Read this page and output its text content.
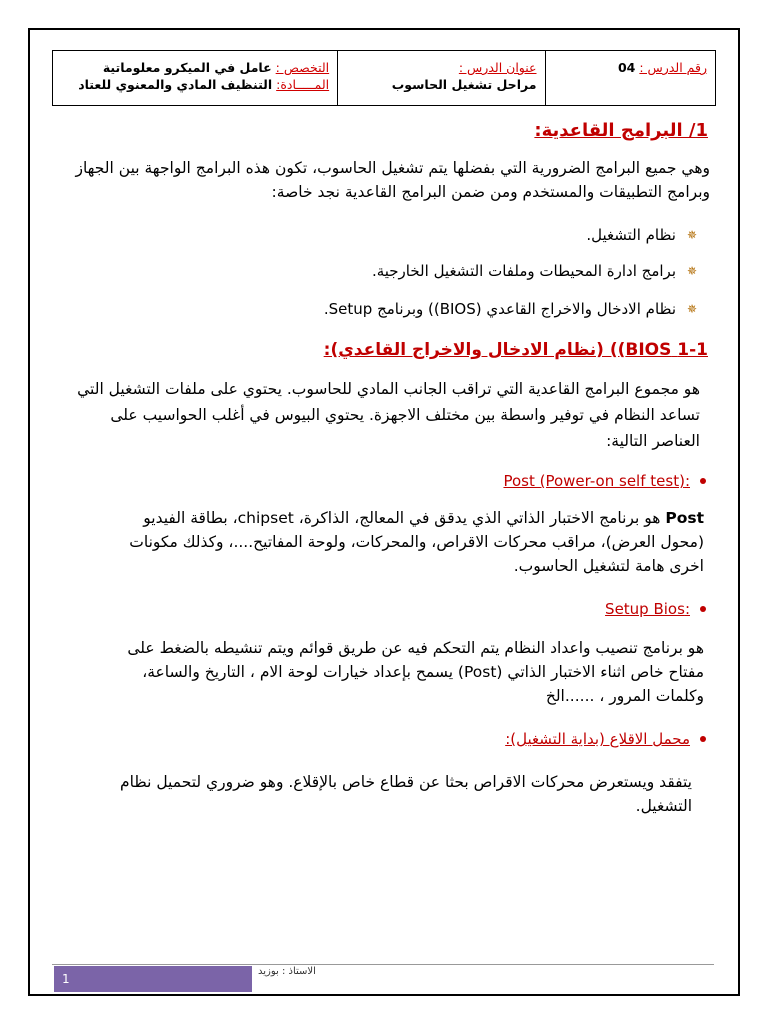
التخصص : عامل في الميكرو معلوماتية
المـــــادة: التنظيف المادي والمعنوي للعتاد
عنوان الدرس :
مراحل تشغيل الحاسوب
رقم الدرس : 04
1/ البرامج القاعدية:
وهي جميع البرامج الضرورية التي بفضلها يتم تشغيل الحاسوب، تكون هذه البرامج الواجهة بين الجهاز وبرامج التطبيقات والمستخدم ومن ضمن البرامج القاعدية نجد خاصة:
✵
نظام التشغيل.
✵
برامج ادارة المحيطات وملفات التشغيل الخارجية.
✵
نظام الادخال والاخراج القاعدي (BIOS)) وبرنامج Setup.
1-1 BIOS)) (نظام الادخال والاخراج القاعدي):
هو مجموع البرامج القاعدية التي تراقب الجانب المادي للحاسوب. يحتوي على ملفات التشغيل التي تساعد النظام في توفير واسطة بين مختلف الاجهزة. يحتوي البيوس في أغلب الحواسيب على العناصر التالية:
:Post (Power-on self test)
Post هو برنامج الاختبار الذاتي الذي يدقق في المعالج، الذاكرة، chipset، بطاقة الفيديو (محول العرض)، مراقب محركات الاقراص، والمحركات، ولوحة المفاتيح....، وكذلك مكونات اخرى هامة لتشغيل الحاسوب.
:Setup Bios
هو برنامج تنصيب واعداد النظام يتم التحكم فيه عن طريق قوائم ويتم تنشيطه بالضغط على مفتاح خاص اثناء الاختبار الذاتي (Post) يسمح بإعداد خيارات لوحة الام ، التاريخ والساعة، وكلمات المرور ، ......الخ
محمل الاقلاع (بداية التشغيل):
يتفقد ويستعرض محركات الاقراص بحثا عن قطاع خاص بالإقلاع. وهو ضروري لتحميل نظام التشغيل.
1
الاستاذ : بوزيد
